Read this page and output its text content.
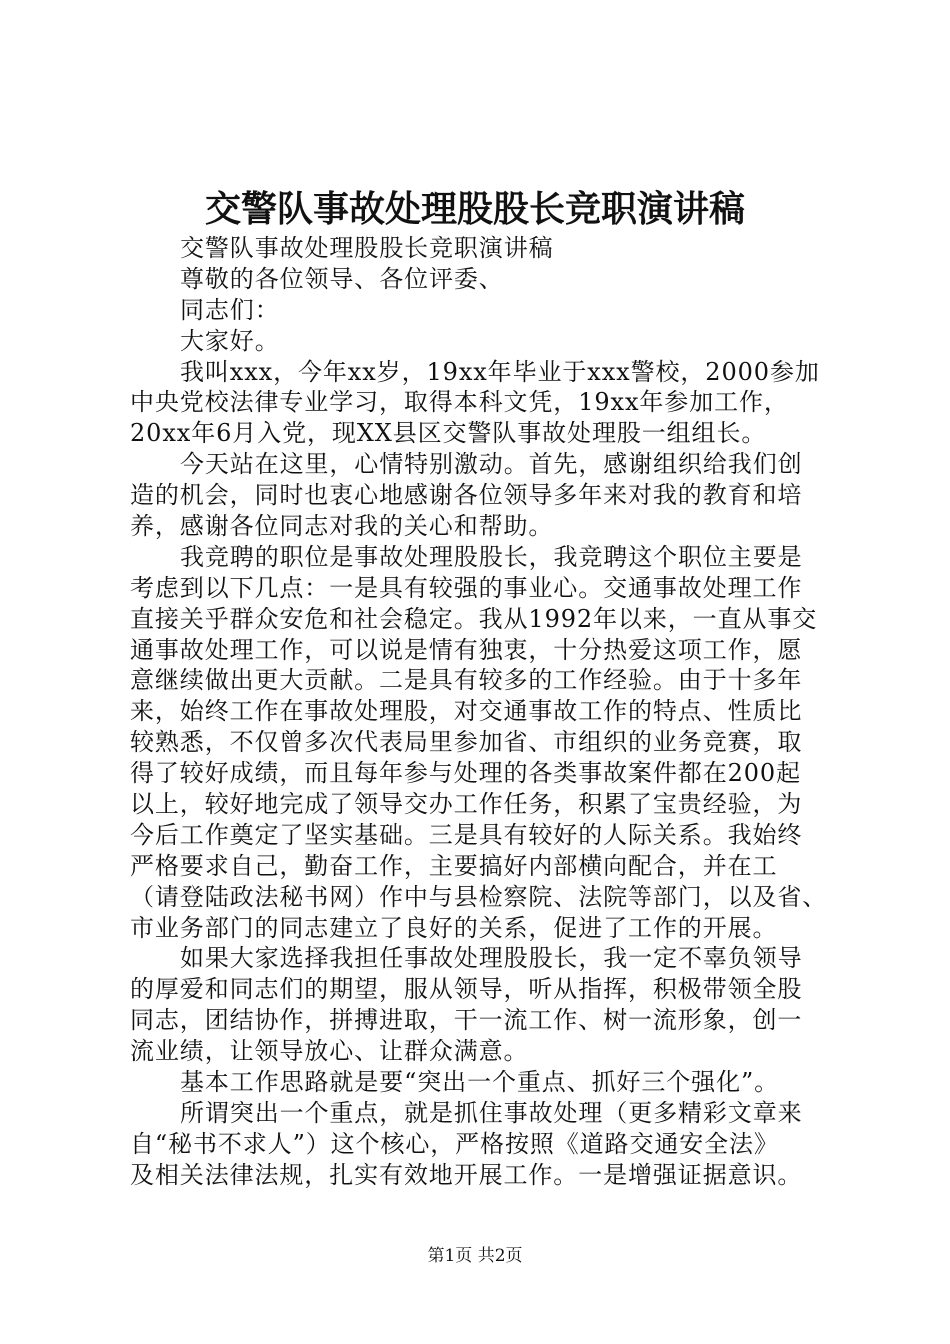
交警队事故处理股股长竞职演讲稿
交警队事故处理股股长竞职演讲稿
尊敬的各位领导、各位评委、
同志们：
大家好。
我叫xxx，今年xx岁，19xx年毕业于xxx警校，2000参加
中央党校法律专业学习，取得本科文凭，19xx年参加工作，
20xx年6月入党，现XX县区交警队事故处理股一组组长。
今天站在这里，心情特别激动。首先，感谢组织给我们创
造的机会，同时也衷心地感谢各位领导多年来对我的教育和培
养，感谢各位同志对我的关心和帮助。
我竞聘的职位是事故处理股股长，我竞聘这个职位主要是
考虑到以下几点：一是具有较强的事业心。交通事故处理工作
直接关乎群众安危和社会稳定。我从1992年以来，一直从事交
通事故处理工作，可以说是情有独衷，十分热爱这项工作，愿
意继续做出更大贡献。二是具有较多的工作经验。由于十多年
来，始终工作在事故处理股，对交通事故工作的特点、性质比
较熟悉，不仅曾多次代表局里参加省、市组织的业务竞赛，取
得了较好成绩，而且每年参与处理的各类事故案件都在200起
以上，较好地完成了领导交办工作任务，积累了宝贵经验，为
今后工作奠定了坚实基础。三是具有较好的人际关系。我始终
严格要求自己，勤奋工作，主要搞好内部横向配合，并在工
（请登陆政法秘书网）作中与县检察院、法院等部门，以及省、
市业务部门的同志建立了良好的关系，促进了工作的开展。
如果大家选择我担任事故处理股股长，我一定不辜负领导
的厚爱和同志们的期望，服从领导，听从指挥，积极带领全股
同志，团结协作，拼搏进取，干一流工作、树一流形象，创一
流业绩，让领导放心、让群众满意。
基本工作思路就是要“突出一个重点、抓好三个强化”。
所谓突出一个重点，就是抓住事故处理（更多精彩文章来
自“秘书不求人”）这个核心，严格按照《道路交通安全法》
及相关法律法规，扎实有效地开展工作。一是增强证据意识。
第1页 共2页
